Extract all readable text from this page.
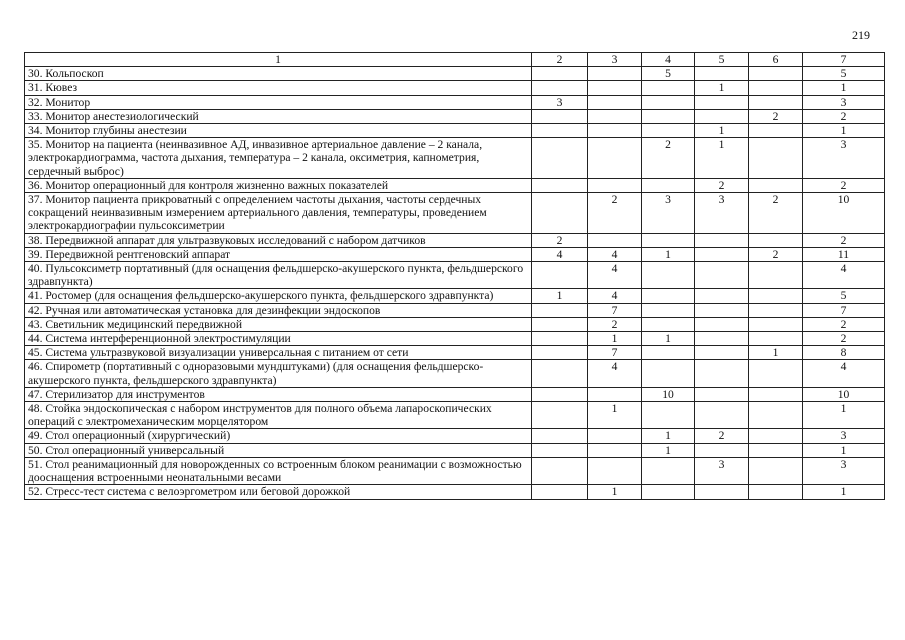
219
1	2	3	4	5	6	7
30. Кольпоскоп			5			5
31. Кювез				1		1
32. Монитор	3					3
33. Монитор анестезиологический					2	2
34. Монитор глубины анестезии				1		1
35. Монитор на пациента (неинвазивное АД, инвазивное артериальное давление – 2 канала, электрокардиограмма, частота дыхания, температура – 2 канала, оксиметрия, капнометрия, сердечный выброс)			2	1		3
36. Монитор операционный для контроля жизненно важных показателей				2		2
37. Монитор пациента прикроватный с определением частоты дыхания, частоты сердечных сокращений неинвазивным измерением артериального давления, температуры, проведением электрокардиографии пульсоксиметрии		2	3	3	2	10
38. Передвижной аппарат для ультразвуковых исследований с набором датчиков	2					2
39. Передвижной рентгеновский аппарат	4	4	1		2	11
40. Пульсоксиметр портативный (для оснащения фельдшерско-акушерского пункта, фельдшерского здравпункта)		4				4
41. Ростомер (для оснащения фельдшерско-акушерского пункта, фельдшерского здравпункта)	1	4				5
42. Ручная или автоматическая установка для дезинфекции эндоскопов		7				7
43. Светильник медицинский передвижной		2				2
44. Система интерференционной электростимуляции		1	1			2
45. Система ультразвуковой визуализации универсальная с питанием от сети		7			1	8
46. Спирометр (портативный с одноразовыми мундштуками) (для оснащения фельдшерско-акушерского пункта, фельдшерского здравпункта)		4				4
47. Стерилизатор для инструментов			10			10
48. Стойка эндоскопическая с набором инструментов для полного объема лапароскопических операций с электромеханическим морцелятором		1				1
49. Стол операционный (хирургический)			1	2		3
50. Стол операционный универсальный			1			1
51. Стол реанимационный для новорожденных со встроенным блоком реанимации с возможностью дооснащения встроенными неонатальными весами				3		3
52. Стресс-тест система с велоэргометром или беговой дорожкой		1				1
